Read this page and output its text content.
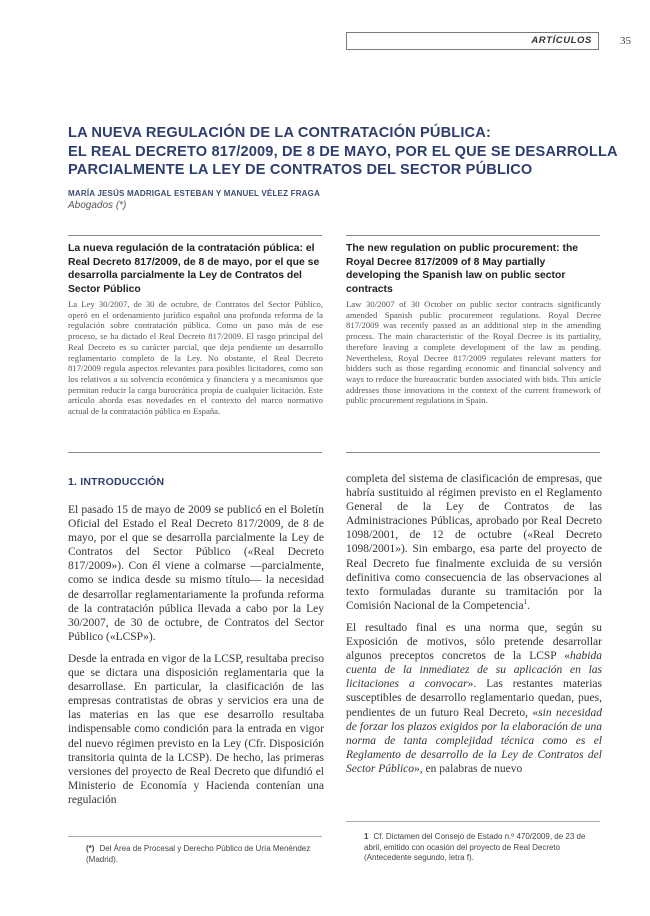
ARTÍCULOS	35
LA NUEVA REGULACIÓN DE LA CONTRATACIÓN PÚBLICA:
EL REAL DECRETO 817/2009, DE 8 DE MAYO, POR EL QUE SE DESARROLLA
PARCIALMENTE LA LEY DE CONTRATOS DEL SECTOR PÚBLICO
MARÍA JESÚS MADRIGAL ESTEBAN Y MANUEL VÉLEZ FRAGA
Abogados (*)
La nueva regulación de la contratación pública: el Real Decreto 817/2009, de 8 de mayo, por el que se desarrolla parcialmente la Ley de Contratos del Sector Público
La Ley 30/2007, de 30 de octubre, de Contratos del Sector Público, operó en el ordenamiento jurídico español una profunda reforma de la regulación sobre contratación pública. Como un paso más de ese proceso, se ha dictado el Real Decreto 817/2009. El rasgo principal del Real Decreto es su carácter parcial, que deja pendiente un desarrollo reglamentario completo de la Ley. No obstante, el Real Decreto 817/2009 regula aspectos relevantes para posibles licitadores, como son los relativos a su solvencia económica y financiera y a mecanismos que permitan reducir la carga burocrática propia de cualquier licitación. Este artículo aborda esas novedades en el contexto del marco normativo actual de la contratación pública en España.
The new regulation on public procurement: the Royal Decree 817/2009 of 8 May partially developing the Spanish law on public sector contracts
Law 30/2007 of 30 October on public sector contracts significantly amended Spanish public procurement regulations. Royal Decree 817/2009 was recently passed as an additional step in the amending process. The main characteristic of the Royal Decree is its partiality, therefore leaving a complete development of the law as pending. Nevertheless, Royal Decree 817/2009 regulates relevant matters for bidders such as those regarding economic and financial solvency and ways to reduce the bureaucratic burden associated with bids. This article addresses those innovations in the context of the current framework of public procurement regulations in Spain.
1. INTRODUCCIÓN

El pasado 15 de mayo de 2009 se publicó en el Boletín Oficial del Estado el Real Decreto 817/2009, de 8 de mayo, por el que se desarrolla parcialmente la Ley de Contratos del Sector Público («Real Decreto 817/2009»). Con él viene a colmarse —parcialmente, como se indica desde su mismo título— la necesidad de desarrollar reglamentariamente la profunda reforma de la contratación pública llevada a cabo por la Ley 30/2007, de 30 de octubre, de Contratos del Sector Público («LCSP»).

Desde la entrada en vigor de la LCSP, resultaba preciso que se dictara una disposición reglamentaria que la desarrollase. En particular, la clasificación de las empresas contratistas de obras y servicios era una de las materias en las que ese desarrollo resultaba indispensable como condición para la entrada en vigor del nuevo régimen previsto en la Ley (Cfr. Disposición transitoria quinta de la LCSP). De hecho, las primeras versiones del proyecto de Real Decreto que difundió el Ministerio de Economía y Hacienda contenían una regulación

completa del sistema de clasificación de empresas, que habría sustituido al régimen previsto en el Reglamento General de la Ley de Contratos de las Administraciones Públicas, aprobado por Real Decreto 1098/2001, de 12 de octubre («Real Decreto 1098/2001»). Sin embargo, esa parte del proyecto de Real Decreto fue finalmente excluida de su versión definitiva como consecuencia de las observaciones al texto formuladas durante su tramitación por la Comisión Nacional de la Competencia$^1$.

El resultado final es una norma que, según su Exposición de motivos, sólo pretende desarrollar algunos preceptos concretos de la LCSP «habida cuenta de la inmediatez de su aplicación en las licitaciones a convocar». Las restantes materias susceptibles de desarrollo reglamentario quedan, pues, pendientes de un futuro Real Decreto, «sin necesidad de forzar los plazos exigidos por la elaboración de una norma de tanta complejidad técnica como es el Reglamento de desarrollo de la Ley de Contratos del Sector Público», en palabras de nuevo

(*) Del Área de Procesal y Derecho Público de Uría Menéndez (Madrid).
1 Cf. Dictamen del Consejo de Estado n.º 470/2009, de 23 de abril, emitido con ocasión del proyecto de Real Decreto (Antecedente segundo, letra f).
